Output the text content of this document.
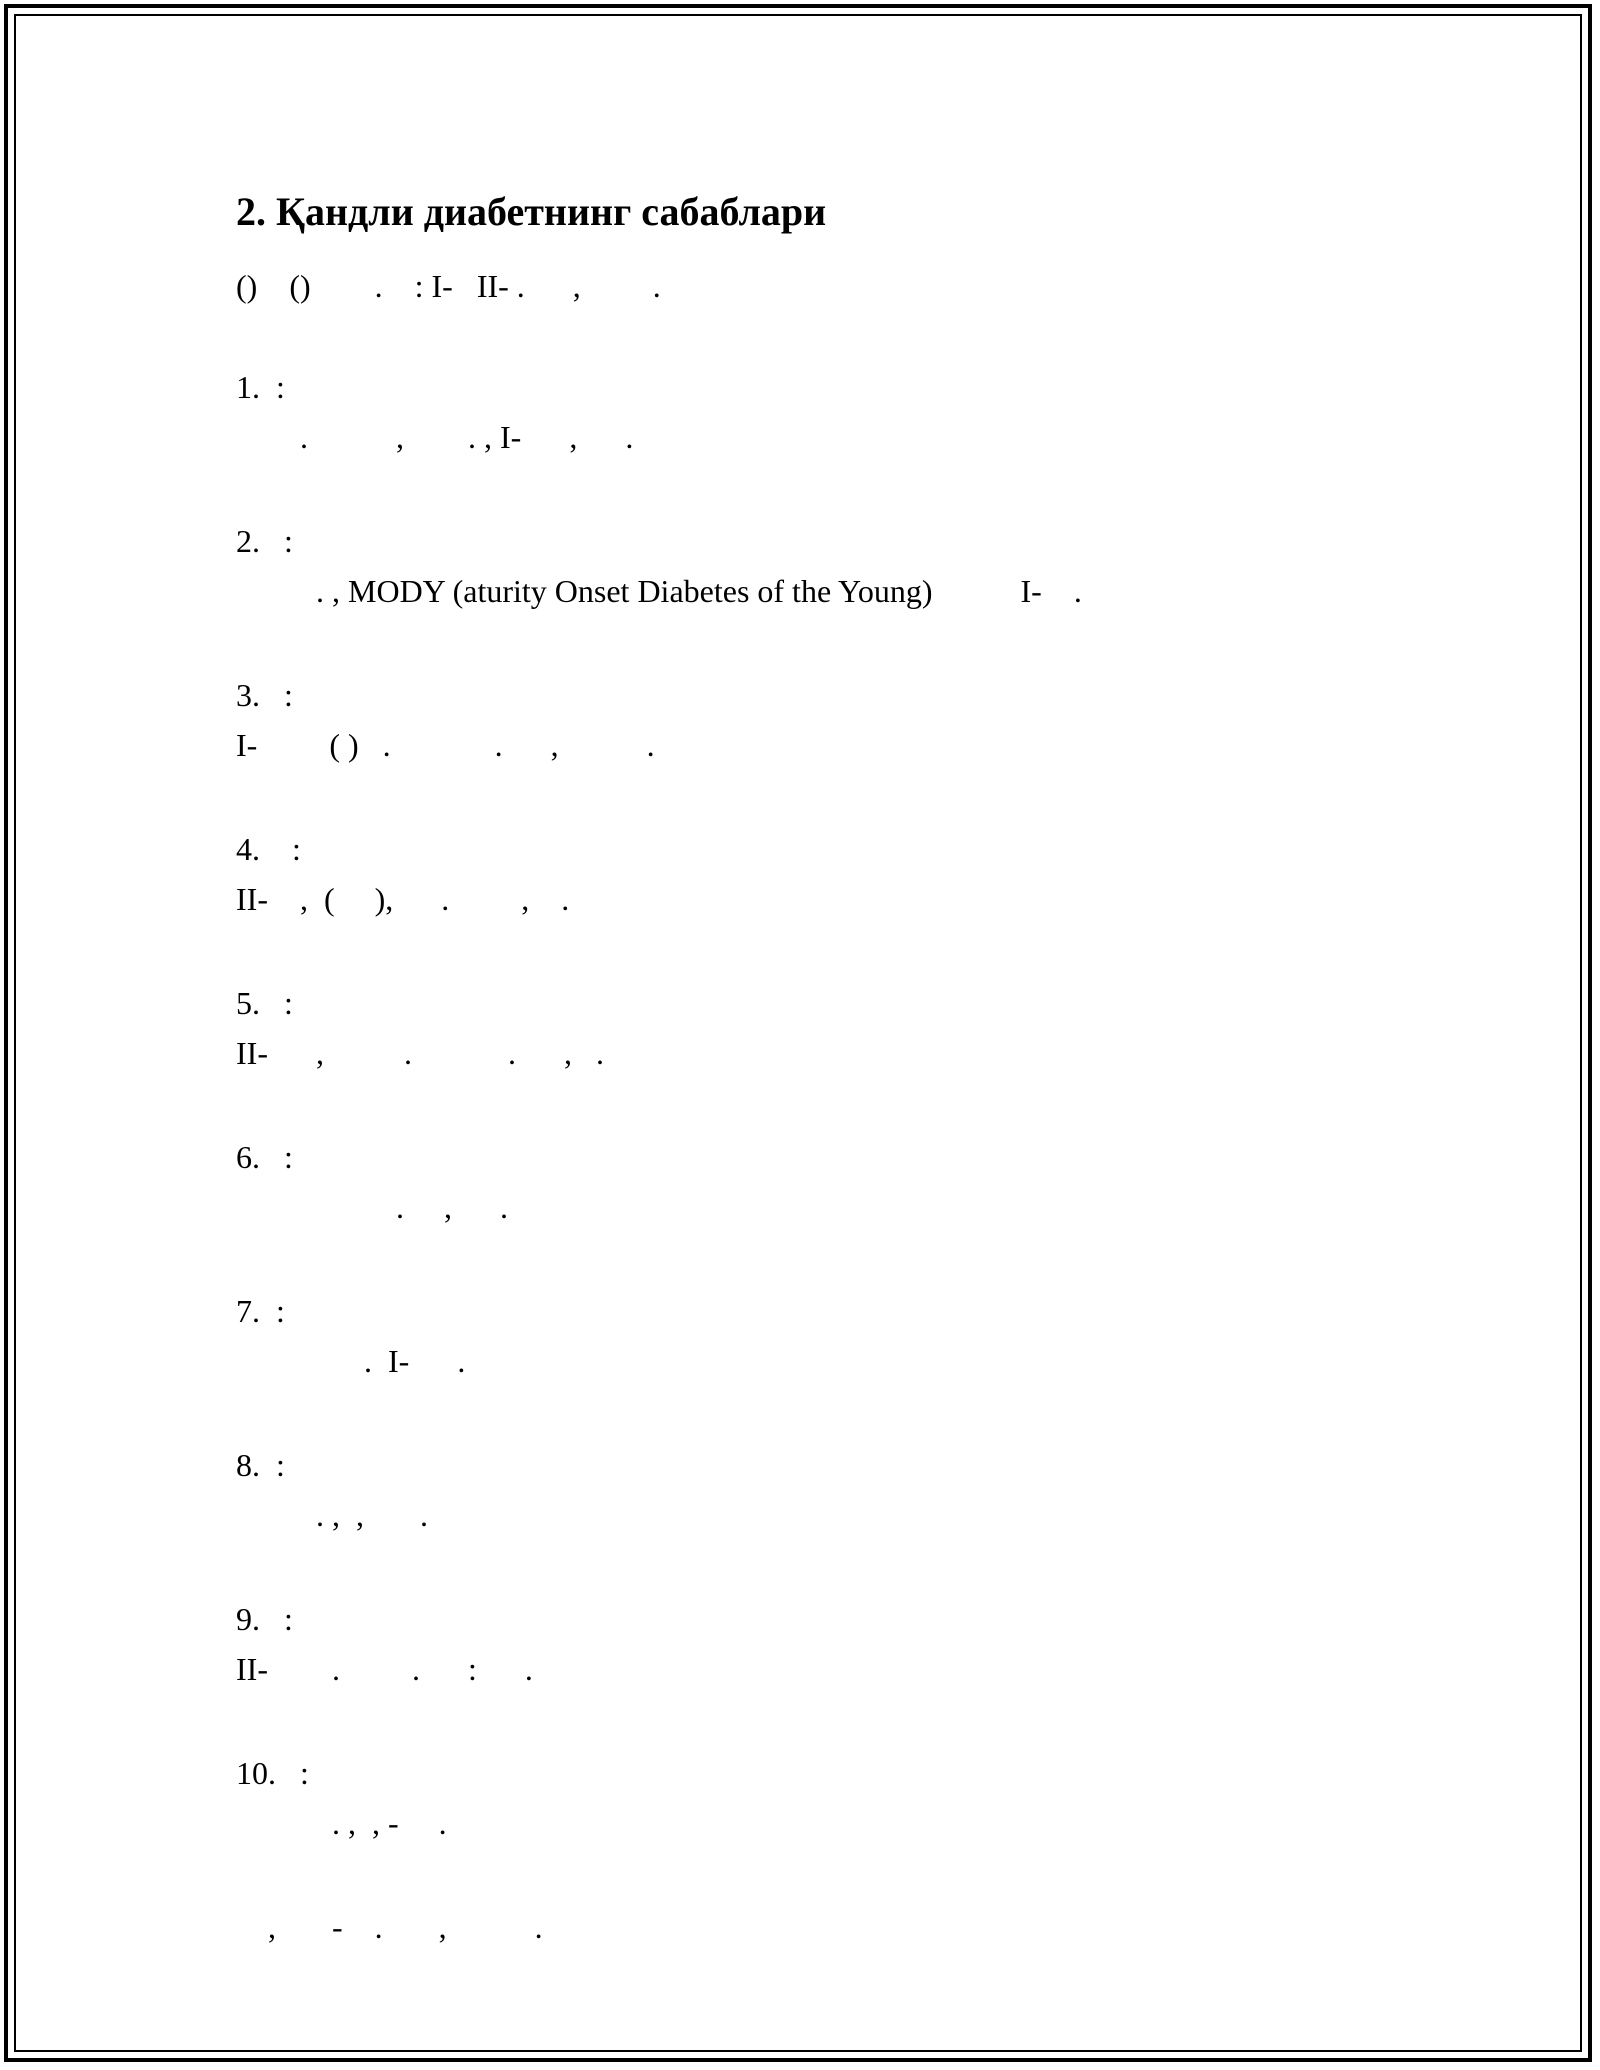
2. Қандли диабетнинг сабаблари

()    ()        .    : I-   II- .      ,         .

1.  :

.           ,        . , I-      ,      .

2.   :

. , MODY (aturity Onset Diabetes of the Young)           I-    .

3.   :

I-         ( )   .             .      ,           .

4.    :

II-    ,  (     ),      .         ,    .

5.   :

II-      ,          .            .      ,   .

6.   :

.     ,      .

7.  :

.  I-      .

8.  :

. ,  ,       .

9.   :

II-        .         .      :      .

10.   :

. ,  , -     .

,       -    .       ,           .
